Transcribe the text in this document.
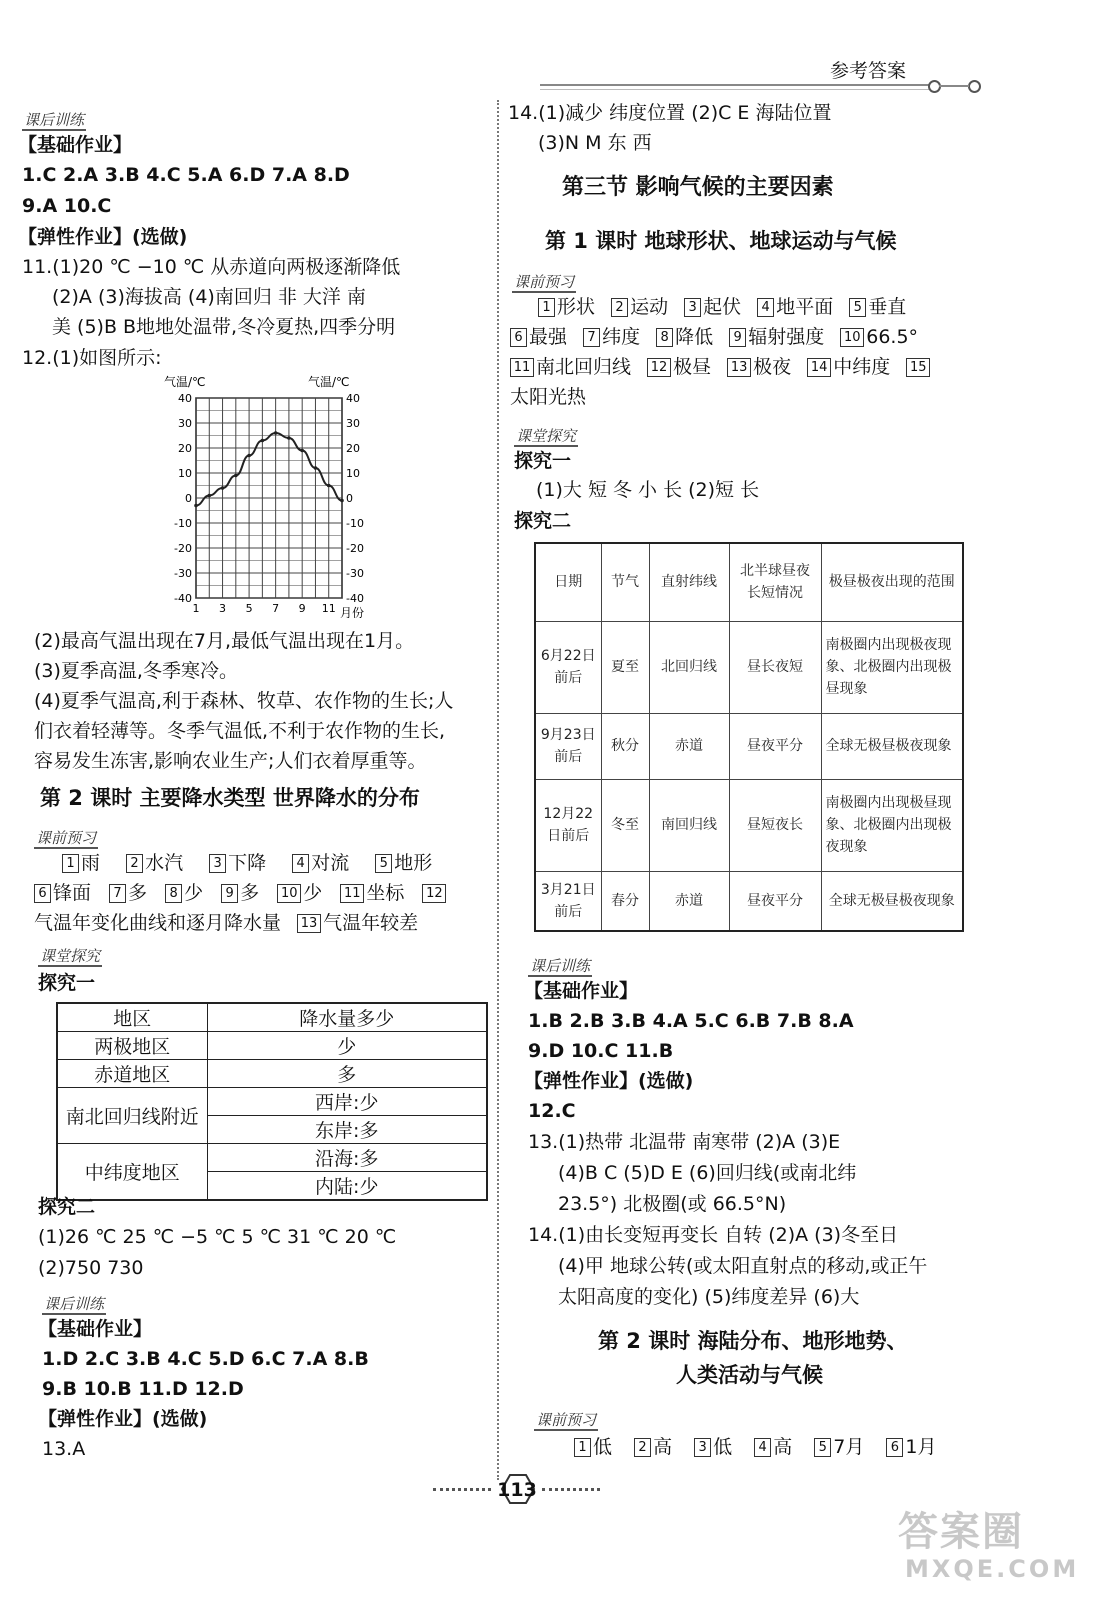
参考答案
课后训练
【基础作业】
1.C 2.A 3.B 4.C 5.A 6.D 7.A 8.D
9.A 10.C
【弹性作业】(选做)
11.(1)20 ℃ −10 ℃ 从赤道向两极逐渐降低
(2)A (3)海拔高 (4)南回归 非 大洋 南
美 (5)B B地地处温带,冬冷夏热,四季分明
12.(1)如图所示:
气温/℃	气温/℃
月份
40	40
30	30
20	20
10	10
0	0
-10	-10
-20	-20
-30	-30
-40	-40
1 3 5 7 9 11
(2)最高气温出现在7月,最低气温出现在1月。
(3)夏季高温,冬季寒冷。
(4)夏季气温高,利于森林、牧草、农作物的生长;人
们衣着轻薄等。冬季气温低,不利于农作物的生长,
容易发生冻害,影响农业生产;人们衣着厚重等。
第 2 课时 主要降水类型 世界降水的分布
课前预习
1 雨 2 水汽 3 下降 4 对流 5 地形
6 锋面 7 多 8 少 9 多 10 少 11 坐标 12
气温年变化曲线和逐月降水量 13 气温年较差
课堂探究
探究一
地区	降水量多少
两极地区	少
赤道地区	多
南北回归线附近	西岸:少
	东岸:多
中纬度地区	沿海:多
	内陆:少
探究二
(1)26 ℃ 25 ℃ −5 ℃ 5 ℃ 31 ℃ 20 ℃
(2)750 730
课后训练
【基础作业】
1.D 2.C 3.B 4.C 5.D 6.C 7.A 8.B
9.B 10.B 11.D 12.D
【弹性作业】(选做)
13.A
14.(1)减少 纬度位置 (2)C E 海陆位置
(3)N M 东 西
第三节 影响气候的主要因素
第 1 课时 地球形状、地球运动与气候
课前预习
1 形状 2 运动 3 起伏 4 地平面 5 垂直
6 最强 7 纬度 8 降低 9 辐射强度 10 66.5°
11 南北回归线 12 极昼 13 极夜 14 中纬度 15
太阳光热
课堂探究
探究一
(1)大 短 冬 小 长 (2)短 长
探究二
日期	节气	直射纬线	北半球昼夜长短情况	极昼极夜出现的范围
6月22日前后	夏至	北回归线	昼长夜短	南极圈内出现极夜现象、北极圈内出现极昼现象
9月23日前后	秋分	赤道	昼夜平分	全球无极昼极夜现象
12月22日前后	冬至	南回归线	昼短夜长	南极圈内出现极昼现象、北极圈内出现极夜现象
3月21日前后	春分	赤道	昼夜平分	全球无极昼极夜现象
课后训练
【基础作业】
1.B 2.B 3.B 4.A 5.C 6.B 7.B 8.A
9.D 10.C 11.B
【弹性作业】(选做)
12.C
13.(1)热带 北温带 南寒带 (2)A (3)E
(4)B C (5)D E (6)回归线(或南北纬
23.5°) 北极圈(或 66.5°N)
14.(1)由长变短再变长 自转 (2)A (3)冬至日
(4)甲 地球公转(或太阳直射点的移动,或正午
太阳高度的变化) (5)纬度差异 (6)大
第 2 课时 海陆分布、地形地势、
人类活动与气候
课前预习
1 低 2 高 3 低 4 高 5 7月 6 1月
113
答案圈
MXQE.COM
